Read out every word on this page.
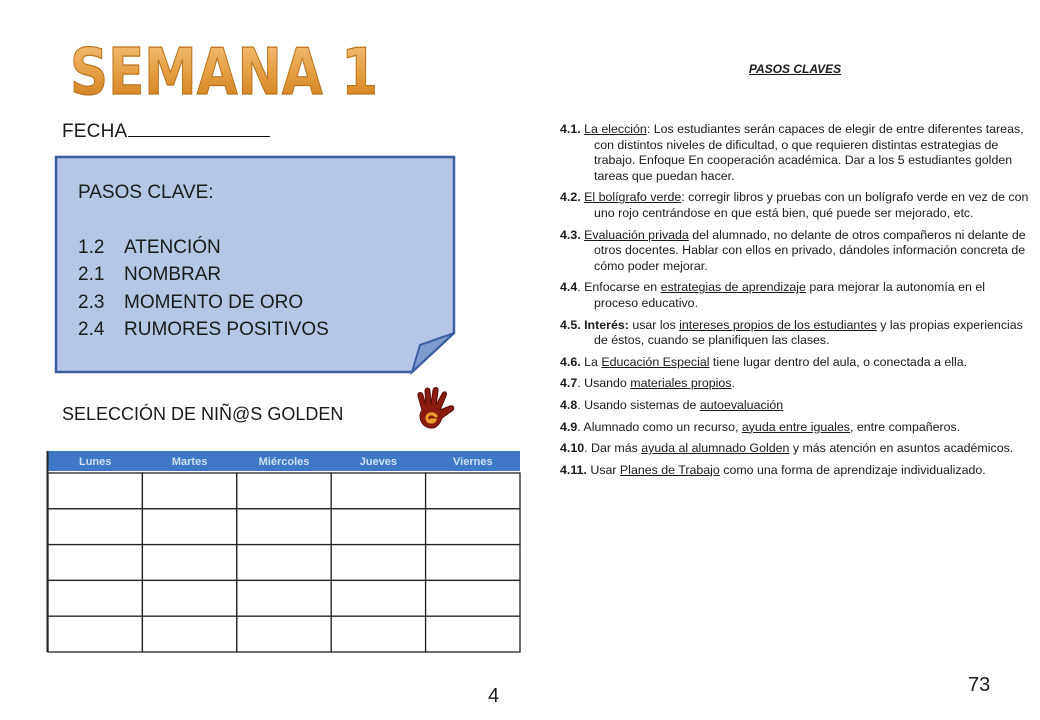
SEMANA 1
FECHA
PASOS CLAVE:
1.2	ATENCIÓN
2.1	NOMBRAR
2.3	MOMENTO DE ORO
2.4	RUMORES POSITIVOS
SELECCIÓN DE NIÑ@S GOLDEN
Lunes	Martes	Miércoles	Jueves	Viernes
PASOS CLAVES
4.1. La elección: Los estudiantes serán capaces de elegir de entre diferentes tareas, con distintos niveles de dificultad, o que requieren distintas estrategias de trabajo. Enfoque En cooperación académica. Dar a los 5 estudiantes golden tareas que puedan hacer.
4.2. El bolígrafo verde: corregir libros y pruebas con un bolígrafo verde en vez de con uno rojo centrándose en que está bien, qué puede ser mejorado, etc.
4.3. Evaluación privada del alumnado, no delante de otros compañeros ni delante de otros docentes. Hablar con ellos en privado, dándoles información concreta de cómo poder mejorar.
4.4. Enfocarse en estrategias de aprendizaje para mejorar la autonomía en el proceso educativo.
4.5. Interés: usar los intereses propios de los estudiantes y las propias experiencias de éstos, cuando se planifiquen las clases.
4.6. La Educación Especial tiene lugar dentro del aula, o conectada a ella.
4.7. Usando materiales propios.
4.8. Usando sistemas de autoevaluación
4.9. Alumnado como un recurso, ayuda entre iguales, entre compañeros.
4.10. Dar más ayuda al alumnado Golden y más atención en asuntos académicos.
4.11. Usar Planes de Trabajo como una forma de aprendizaje individualizado.
4	73
